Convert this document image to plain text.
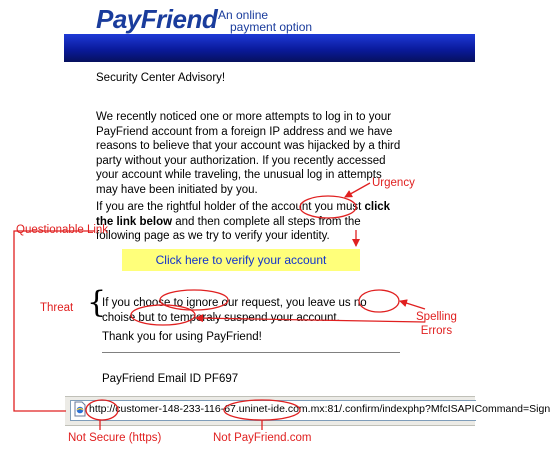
PayFriend An online
payment option
Security Center Advisory!
We recently noticed one or more attempts to log in to your PayFriend account from a foreign IP address and we have reasons to believe that your account was hijacked by a third party without your authorization. If you recently accessed your account while traveling, the unusual log in attempts may have been initiated by you.
If you are the rightful holder of the account you must click the link below and then complete all steps from the following page as we try to verify your identity.
Click here to verify your account
{
If you choose to ignore our request, you leave us no choise but to temporaly suspend your account.
Thank you for using PayFriend!
PayFriend Email ID PF697
http://customer-148-233-116-67.uninet-ide.com.mx:81/.confirm/indexphp?MfcISAPICommand=Sign
Urgency
Questionable Link
Threat
Spelling
Errors
Not Secure (https)	Not PayFriend.com
